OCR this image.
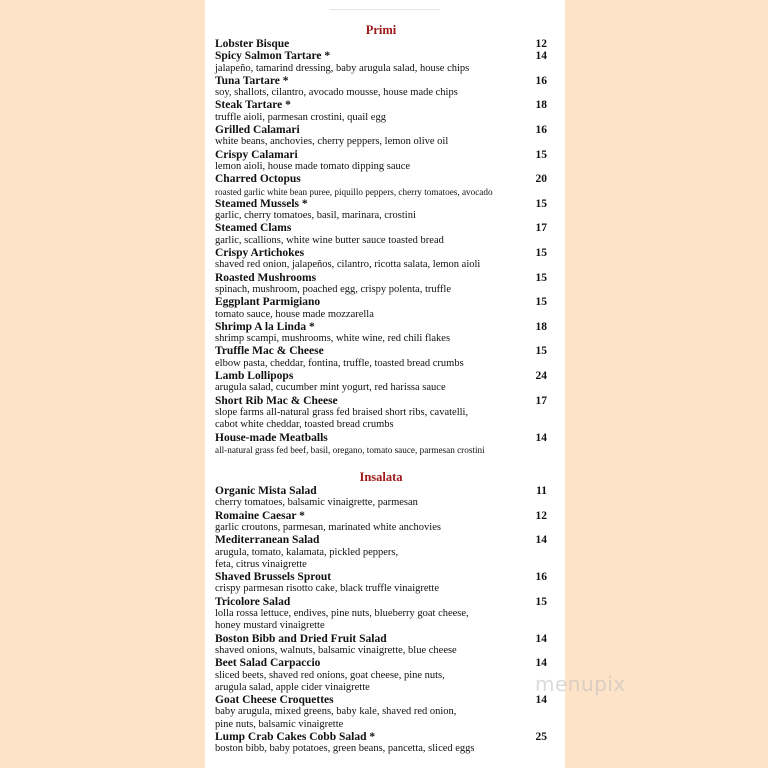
Primi
Lobster Bisque	12
Spicy Salmon Tartare *	14
jalapeño, tamarind dressing, baby arugula salad, house chips
Tuna Tartare *	16
soy, shallots, cilantro, avocado mousse, house made chips
Steak Tartare *	18
truffle aioli, parmesan crostini, quail egg
Grilled Calamari	16
white beans, anchovies, cherry peppers, lemon olive oil
Crispy Calamari	15
lemon aioli, house made tomato dipping sauce
Charred Octopus	20
roasted garlic white bean puree, piquillo peppers, cherry tomatoes, avocado
Steamed Mussels *	15
garlic, cherry tomatoes, basil, marinara, crostini
Steamed Clams	17
garlic, scallions, white wine butter sauce toasted bread
Crispy Artichokes	15
shaved red onion, jalapeños, cilantro, ricotta salata, lemon aioli
Roasted Mushrooms	15
spinach, mushroom, poached egg, crispy polenta, truffle
Eggplant Parmigiano	15
tomato sauce, house made mozzarella
Shrimp A la Linda *	18
shrimp scampi, mushrooms, white wine, red chili flakes
Truffle Mac & Cheese	15
elbow pasta, cheddar, fontina, truffle, toasted bread crumbs
Lamb Lollipops	24
arugula salad, cucumber mint yogurt, red harissa sauce
Short Rib Mac & Cheese	17
slope farms all-natural grass fed braised short ribs, cavatelli,
cabot white cheddar, toasted bread crumbs
House-made Meatballs	14
all-natural grass fed beef, basil, oregano, tomato sauce, parmesan crostini
Insalata
Organic Mista Salad	11
cherry tomatoes, balsamic vinaigrette, parmesan
Romaine Caesar *	12
garlic croutons, parmesan, marinated white anchovies
Mediterranean Salad	14
arugula, tomato, kalamata, pickled peppers,
feta, citrus vinaigrette
Shaved Brussels Sprout	16
crispy parmesan risotto cake, black truffle vinaigrette
Tricolore Salad	15
lolla rossa lettuce, endives, pine nuts, blueberry goat cheese,
honey mustard vinaigrette
Boston Bibb and Dried Fruit Salad	14
shaved onions, walnuts, balsamic vinaigrette, blue cheese
Beet Salad Carpaccio	14
sliced beets, shaved red onions, goat cheese, pine nuts,
arugula salad, apple cider vinaigrette
Goat Cheese Croquettes	14
baby arugula, mixed greens, baby kale, shaved red onion,
pine nuts, balsamic vinaigrette
Lump Crab Cakes Cobb Salad *	25
boston bibb, baby potatoes, green beans, pancetta, sliced eggs
menupix
